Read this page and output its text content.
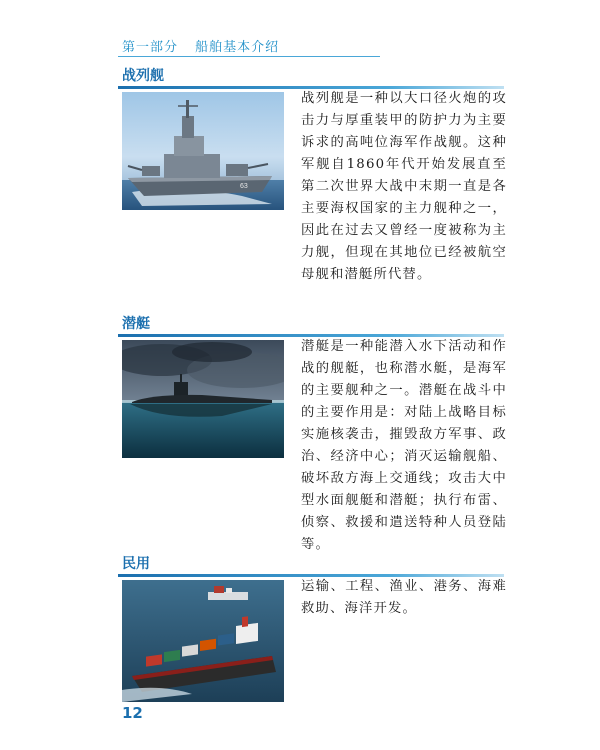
第一部分 船舶基本介绍
战列舰
63

战列舰是一种以大口径火炮的攻击力与厚重装甲的防护力为主要诉求的高吨位海军作战舰。这种军舰自1860年代开始发展直至第二次世界大战中末期一直是各主要海权国家的主力舰种之一，因此在过去又曾经一度被称为主力舰，但现在其地位已经被航空母舰和潜艇所代替。

潜艇

潜艇是一种能潜入水下活动和作战的舰艇，也称潜水艇，是海军的主要舰种之一。潜艇在战斗中的主要作用是：对陆上战略目标实施核袭击，摧毁敌方军事、政治、经济中心；消灭运输舰船、破坏敌方海上交通线；攻击大中型水面舰艇和潜艇；执行布雷、侦察、救援和遣送特种人员登陆等。

民用

运输、工程、渔业、港务、海难救助、海洋开发。

12
